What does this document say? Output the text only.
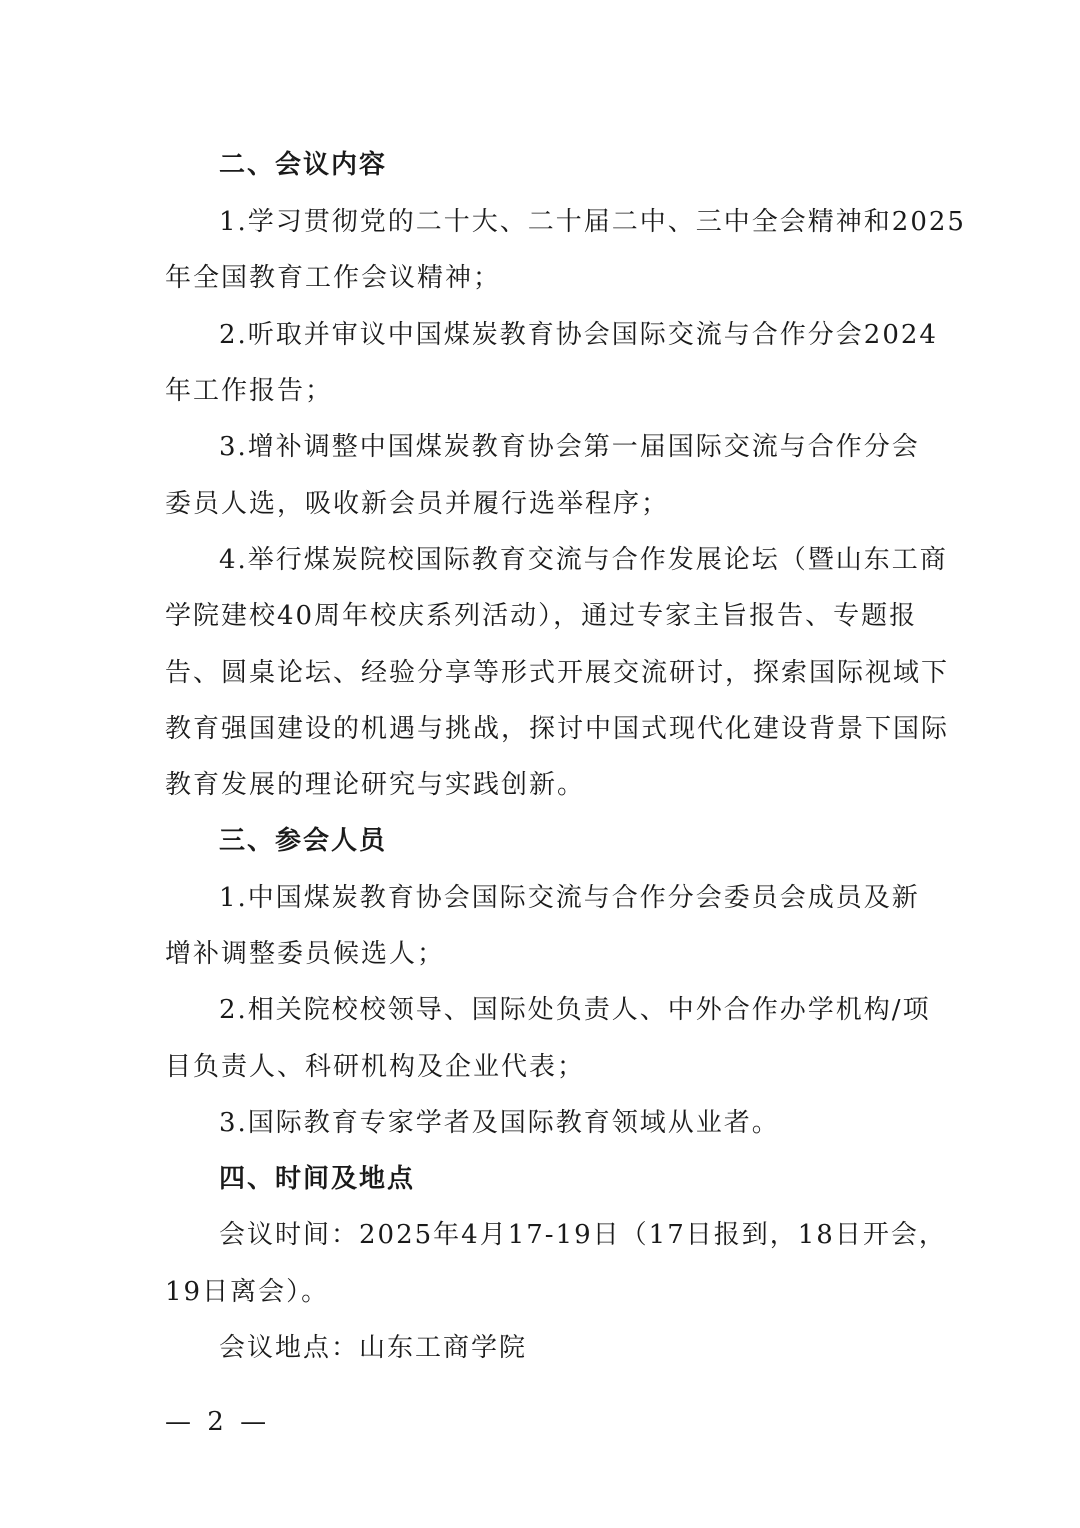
二、会议内容
1.学习贯彻党的二十大、二十届二中、三中全会精神和2025
年全国教育工作会议精神；
2.听取并审议中国煤炭教育协会国际交流与合作分会2024
年工作报告；
3.增补调整中国煤炭教育协会第一届国际交流与合作分会
委员人选，吸收新会员并履行选举程序；
4.举行煤炭院校国际教育交流与合作发展论坛（暨山东工商
学院建校40周年校庆系列活动），通过专家主旨报告、专题报
告、圆桌论坛、经验分享等形式开展交流研讨，探索国际视域下
教育强国建设的机遇与挑战，探讨中国式现代化建设背景下国际
教育发展的理论研究与实践创新。
三、参会人员
1.中国煤炭教育协会国际交流与合作分会委员会成员及新
增补调整委员候选人；
2.相关院校校领导、国际处负责人、中外合作办学机构/项
目负责人、科研机构及企业代表；
3.国际教育专家学者及国际教育领域从业者。
四、时间及地点
会议时间：2025年4月17-19日（17日报到，18日开会，
19日离会）。
会议地点：山东工商学院
— 2 —
